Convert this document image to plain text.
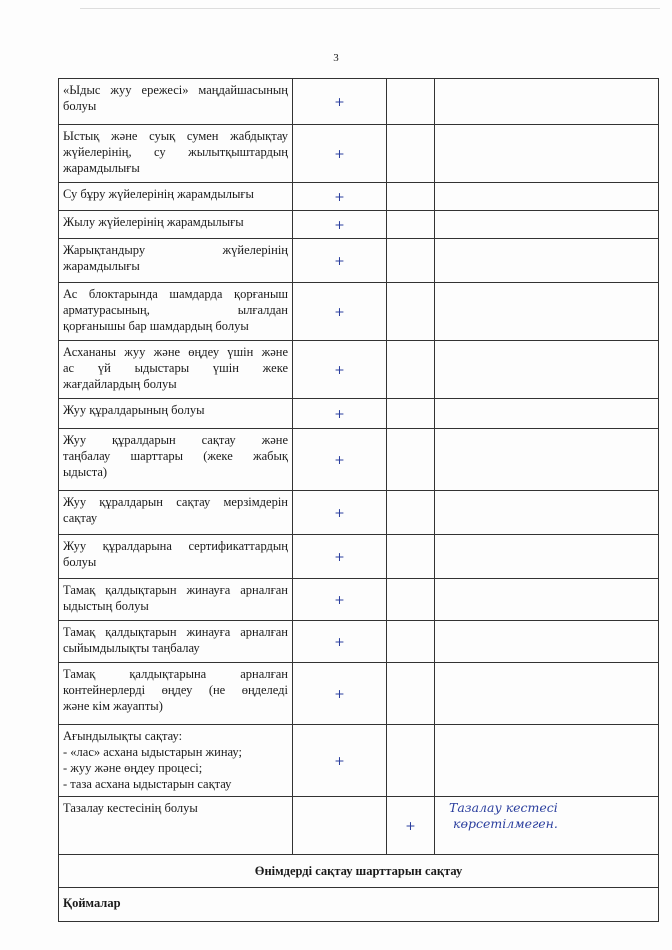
3
«Ыдыс жуу ережесі» маңдайшасының
болуы	+		

Ыстық және суық сумен жабдықтау
жүйелерінің, су жылытқыштардың
жарамдылығы	+		

Су бұру жүйелерінің жарамдылығы	+		

Жылу жүйелерінің жарамдылығы	+		

Жарықтандыру жүйелерінің
жарамдылығы	+		

Ас блоктарында шамдарда қорғаныш
арматурасының, ылғалдан
қорғанышы бар шамдардың болуы	+		

Асхананы жуу және өңдеу үшін және
ас үй ыдыстары үшін жеке
жағдайлардың болуы	+		

Жуу құралдарының болуы	+		

Жуу құралдарын сақтау және
таңбалау шарттары (жеке жабық
ыдыста)	+		

Жуу құралдарын сақтау мерзімдерін
сақтау	+		

Жуу құралдарына сертификаттардың
болуы	+		

Тамақ қалдықтарын жинауға арналған
ыдыстың болуы	+		

Тамақ қалдықтарын жинауға арналған
сыйымдылықты таңбалау	+		

Тамақ қалдықтарына арналған
контейнерлерді өңдеу (не өңделеді
және кім жауапты)	+		

Ағындылықты сақтау:
- «лас» асхана ыдыстарын жинау;
- жуу және өңдеу процесі;
- таза асхана ыдыстарын сақтау	+		

Тазалау кестесінің болуы		+	Тазалау кестесі
көрсетілмеген.

Өнімдерді сақтау шарттарын сақтау			
Қоймалар			
